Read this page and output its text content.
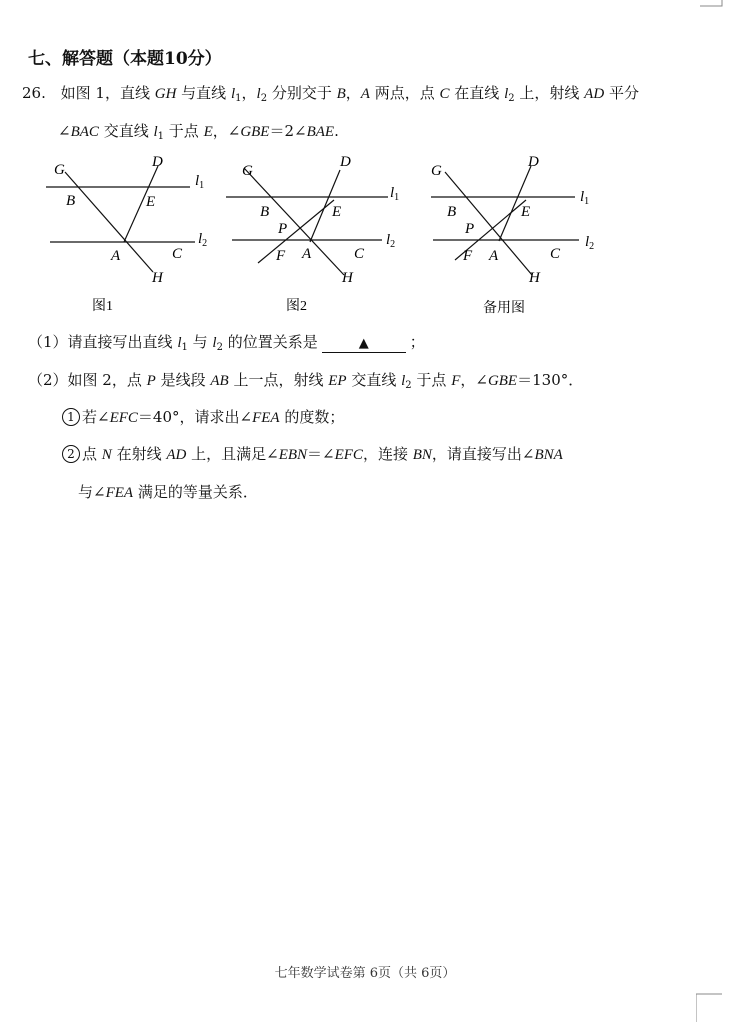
七、解答题（本题10分）
26. 如图 1，直线 GH 与直线 $l_1$，$l_2$ 分别交于 B，A 两点，点 C 在直线 $l_2$ 上，射线 AD 平分
∠BAC 交直线 $l_1$ 于点 E，∠GBE＝2∠BAE.
G
B
D
E
$l_1$
$l_2$
A	C
H
图1
G
B
D
E
P
$l_1$
$l_2$
F A	C
H
图2
G
B
D
E
P
$l_1$
$l_2$
F A	C
H
备用图
（1）请直接写出直线 $l_1$ 与 $l_2$ 的位置关系是	▲	；
（2）如图 2，点 P 是线段 AB 上一点，射线 EP 交直线 $l_2$ 于点 F，∠GBE＝130°．
1 若∠EFC＝40°，请求出∠FEA 的度数；
2 点 N 在射线 AD 上，且满足∠EBN＝∠EFC，连接 BN，请直接写出∠BNA
与∠FEA 满足的等量关系．
七年数学试卷第 6页（共 6页）
